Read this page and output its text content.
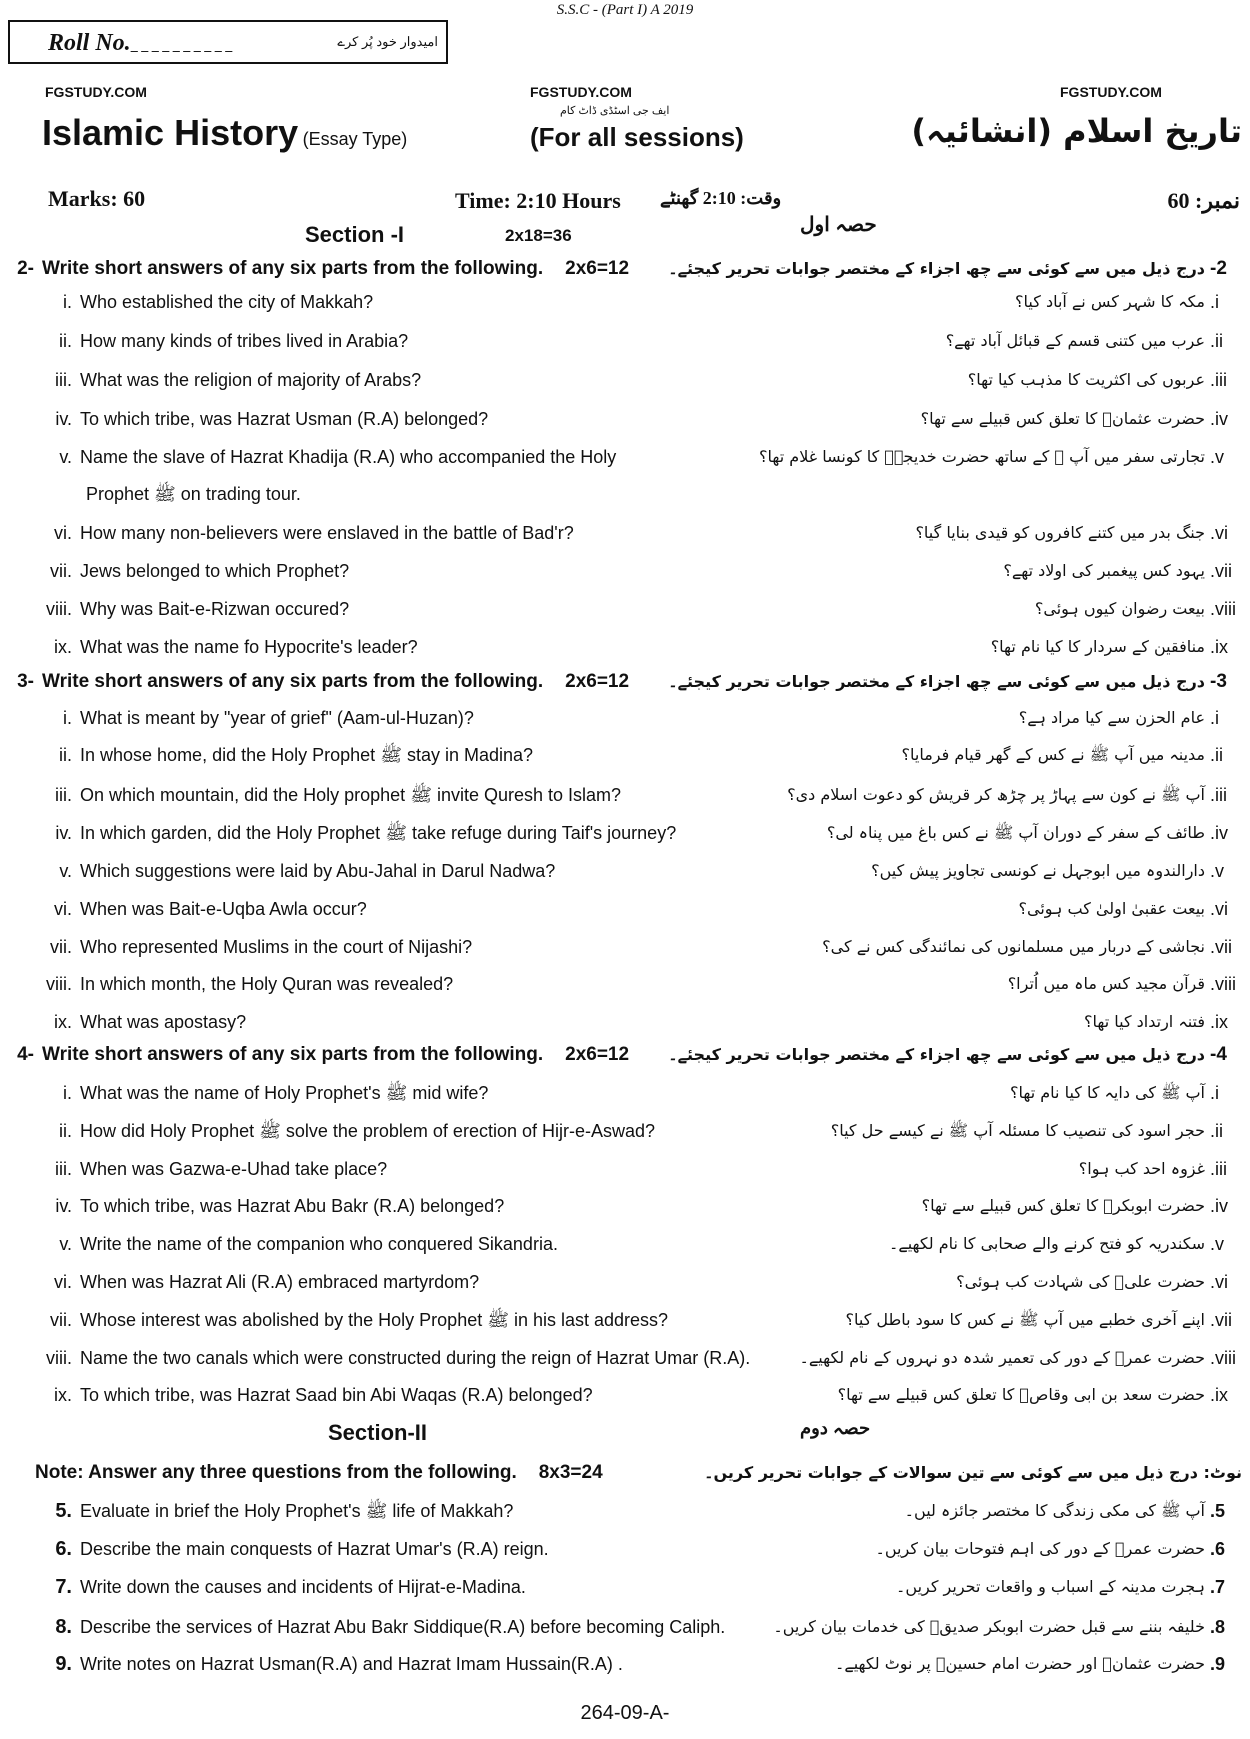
S.S.C - (Part I) A 2019
Roll No._ _ _ _ _ _ _ _ _ _	امیدوار خود پُر کرے
FGSTUDY.COM	FGSTUDY.COM	FGSTUDY.COM
ایف جی اسٹڈی ڈاٹ کام
Islamic History (Essay Type)	(For all sessions)	تاریخ اسلام (انشائیہ)
Marks: 60	Time: 2:10 Hours وقت: 2:10 گھنٹے	نمبر: 60
Section -I	2x18=36	حصہ اول
2- Write short answers of any six parts from the following. 2x6=12 درج ذیل میں سے کوئی سے چھ اجزاء کے مختصر جوابات تحریر کیجئے۔ -2
i. Who established the city of Makkah?	مکہ کا شہر کس نے آباد کیا؟ .i
ii. How many kinds of tribes lived in Arabia?	عرب میں کتنی قسم کے قبائل آباد تھے؟ .ii
iii. What was the religion of majority of Arabs?	عربوں کی اکثریت کا مذہب کیا تھا؟ .iii
iv. To which tribe, was Hazrat Usman (R.A) belonged?	حضرت عثمانؓ کا تعلق کس قبیلے سے تھا؟ .iv
v. Name the slave of Hazrat Khadija (R.A) who accompanied the Holy	تجارتی سفر میں آپ ﷺ کے ساتھ حضرت خدیجہؓ کا کونسا غلام تھا؟ .v
Prophet ﷺ on trading tour.
vi. How many non-believers were enslaved in the battle of Bad'r?	جنگ بدر میں کتنے کافروں کو قیدی بنایا گیا؟ .vi
vii. Jews belonged to which Prophet?	یہود کس پیغمبر کی اولاد تھے؟ .vii
viii. Why was Bait-e-Rizwan occured?	بیعت رضوان کیوں ہوئی؟ .viii
ix. What was the name fo Hypocrite's leader?	منافقین کے سردار کا کیا نام تھا؟ .ix
3- Write short answers of any six parts from the following. 2x6=12 درج ذیل میں سے کوئی سے چھ اجزاء کے مختصر جوابات تحریر کیجئے۔ -3
i. What is meant by "year of grief" (Aam-ul-Huzan)?	عام الحزن سے کیا مراد ہے؟ .i
ii. In whose home, did the Holy Prophet ﷺ stay in Madina?	مدینہ میں آپ ﷺ نے کس کے گھر قیام فرمایا؟ .ii
iii. On which mountain, did the Holy prophet ﷺ invite Quresh to Islam?	آپ ﷺ نے کون سے پہاڑ پر چڑھ کر قریش کو دعوت اسلام دی؟ .iii
iv. In which garden, did the Holy Prophet ﷺ take refuge during Taif's journey?	طائف کے سفر کے دوران آپ ﷺ نے کس باغ میں پناہ لی؟ .iv
v. Which suggestions were laid by Abu-Jahal in Darul Nadwa?	دارالندوہ میں ابوجہل نے کونسی تجاویز پیش کیں؟ .v
vi. When was Bait-e-Uqba Awla occur?	بیعت عقبیٰ اولیٰ کب ہوئی؟ .vi
vii. Who represented Muslims in the court of Nijashi?	نجاشی کے دربار میں مسلمانوں کی نمائندگی کس نے کی؟ .vii
viii. In which month, the Holy Quran was revealed?	قرآن مجید کس ماہ میں اُترا؟ .viii
ix. What was apostasy?	فتنہ ارتداد کیا تھا؟ .ix
4- Write short answers of any six parts from the following. 2x6=12 درج ذیل میں سے کوئی سے چھ اجزاء کے مختصر جوابات تحریر کیجئے۔ -4
i. What was the name of Holy Prophet's ﷺ mid wife?	آپ ﷺ کی دایہ کا کیا نام تھا؟ .i
ii. How did Holy Prophet ﷺ solve the problem of erection of Hijr-e-Aswad?	حجر اسود کی تنصیب کا مسئلہ آپ ﷺ نے کیسے حل کیا؟ .ii
iii. When was Gazwa-e-Uhad take place?	غزوہ احد کب ہوا؟ .iii
iv. To which tribe, was Hazrat Abu Bakr (R.A) belonged?	حضرت ابوبکرؓ کا تعلق کس قبیلے سے تھا؟ .iv
v. Write the name of the companion who conquered Sikandria.	سکندریہ کو فتح کرنے والے صحابی کا نام لکھیے۔ .v
vi. When was Hazrat Ali (R.A) embraced martyrdom?	حضرت علیؓ کی شہادت کب ہوئی؟ .vi
vii. Whose interest was abolished by the Holy Prophet ﷺ in his last address?	اپنے آخری خطبے میں آپ ﷺ نے کس کا سود باطل کیا؟ .vii
viii. Name the two canals which were constructed during the reign of Hazrat Umar (R.A).	حضرت عمرؓ کے دور کی تعمیر شدہ دو نہروں کے نام لکھیے۔ .viii
ix. To which tribe, was Hazrat Saad bin Abi Waqas (R.A) belonged?	حضرت سعد بن ابی وقاصؓ کا تعلق کس قبیلے سے تھا؟ .ix
Section-II	حصہ دوم
Note: Answer any three questions from the following. 8x3=24	نوٹ: درج ذیل میں سے کوئی سے تین سوالات کے جوابات تحریر کریں۔
5. Evaluate in brief the Holy Prophet's ﷺ life of Makkah?	آپ ﷺ کی مکی زندگی کا مختصر جائزہ لیں۔ .5
6. Describe the main conquests of Hazrat Umar's (R.A) reign.	حضرت عمرؓ کے دور کی اہم فتوحات بیان کریں۔ .6
7. Write down the causes and incidents of Hijrat-e-Madina.	ہجرت مدینہ کے اسباب و واقعات تحریر کریں۔ .7
8. Describe the services of Hazrat Abu Bakr Siddique(R.A) before becoming Caliph.	خلیفہ بننے سے قبل حضرت ابوبکر صدیقؓ کی خدمات بیان کریں۔ .8
9. Write notes on Hazrat Usman(R.A) and Hazrat Imam Hussain(R.A) .	حضرت عثمانؓ اور حضرت امام حسینؓ پر نوٹ لکھیے۔ .9
264-09-A-
